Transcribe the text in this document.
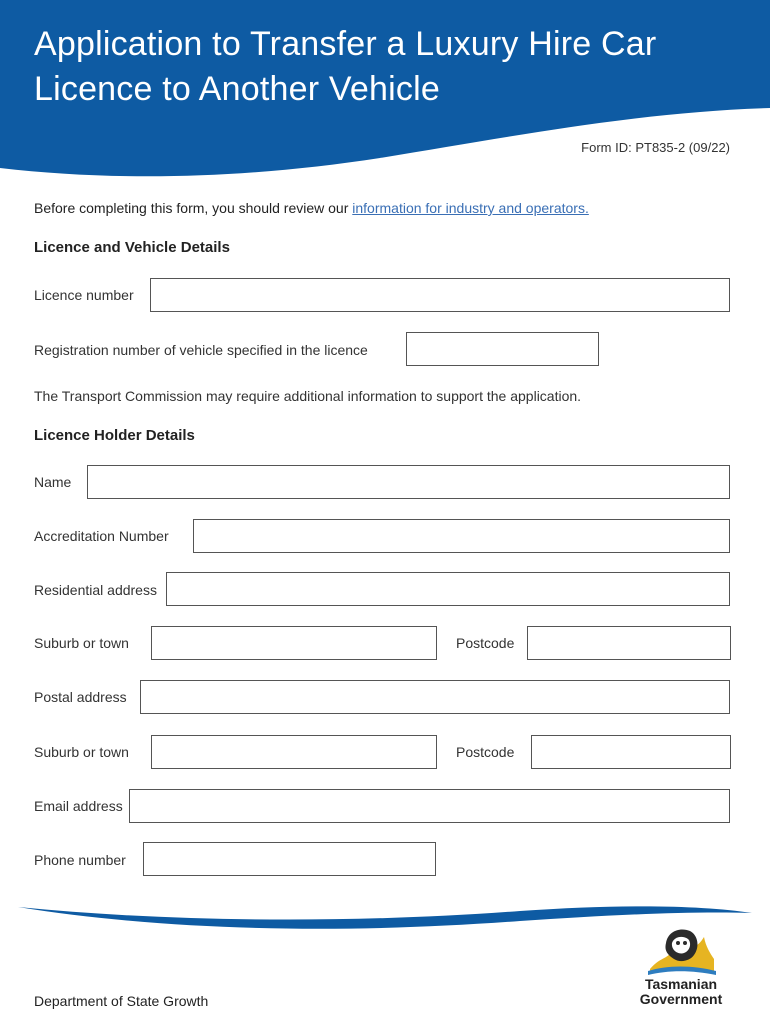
Application to Transfer a Luxury Hire Car Licence to Another Vehicle
Form ID: PT835-2 (09/22)

Before completing this form, you should review our information for industry and operators.

Licence and Vehicle Details
Licence number
Registration number of vehicle specified in the licence
The Transport Commission may require additional information to support the application.
Licence Holder Details
Name
Accreditation Number
Residential address
Suburb or town	Postcode
Postal address
Suburb or town	Postcode
Email address
Phone number
Department of State Growth
Tasmanian
Government
